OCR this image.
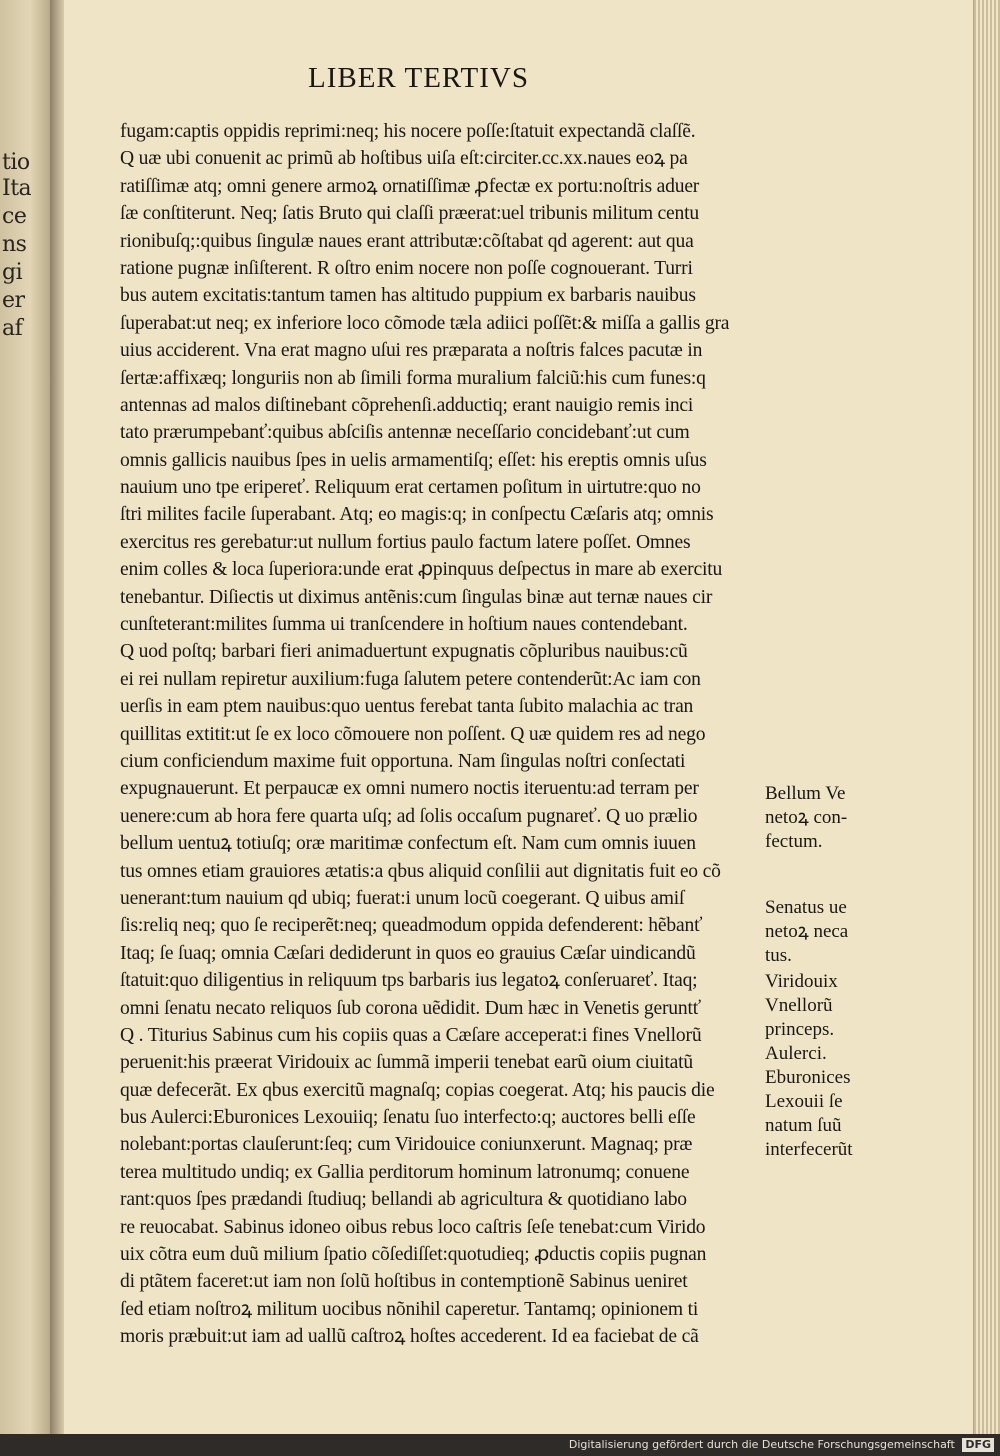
tio
Ita
ce
ns
gi
er
af
LIBER TERTIVS
fugam:captis oppidis reprimi:neq; his nocere poſſe:ſtatuit expectandã claſſẽ.
Q uæ ubi conuenit ac primũ ab hoſtibus uiſa eſt:circiter.cc.xx.naues eoꝝ pa
ratiſſimæ atq; omni genere armoꝝ ornatiſſimæ ꝓfectæ ex portu:noſtris aduer
ſæ conſtiterunt. Neq; ſatis Bruto qui claſſi præerat:uel tribunis militum centu
rionibuſq;:quibus ſingulæ naues erant attributæ:cõſtabat qd agerent: aut qua
ratione pugnæ inſiſterent. R oſtro enim nocere non poſſe cognouerant. Turri
bus autem excitatis:tantum tamen has altitudo puppium ex barbaris nauibus
ſuperabat:ut neq; ex inferiore loco cõmode tæla adiici poſſẽt:& miſſa a gallis gra
uius acciderent. Vna erat magno uſui res præparata a noſtris falces pacutæ in
ſertæ:affixæq; longuriis non ab ſimili forma muralium falciũ:his cum funes:q
antennas ad malos diſtinebant cõprehenſi.adductiq; erant nauigio remis inci
tato prærumpebanť:quibus abſciſis antennæ neceſſario concidebanť:ut cum
omnis gallicis nauibus ſpes in uelis armamentiſq; eſſet: his ereptis omnis uſus
nauium uno tpe eripereť. Reliquum erat certamen poſitum in uirtutre:quo no
ſtri milites facile ſuperabant. Atq; eo magis:q; in conſpectu Cæſaris atq; omnis
exercitus res gerebatur:ut nullum fortius paulo factum latere poſſet. Omnes
enim colles & loca ſuperiora:unde erat ꝓpinquus deſpectus in mare ab exercitu
tenebantur. Diſiectis ut diximus antẽnis:cum ſingulas binæ aut ternæ naues cir
cunſteterant:milites ſumma ui tranſcendere in hoſtium naues contendebant.
Q uod poſtq; barbari fieri animaduertunt expugnatis cõpluribus nauibus:cũ
ei rei nullam repiretur auxilium:fuga ſalutem petere contenderũt:Ac iam con
uerſis in eam ptem nauibus:quo uentus ferebat tanta ſubito malachia ac tran
quillitas extitit:ut ſe ex loco cõmouere non poſſent. Q uæ quidem res ad nego
cium conficiendum maxime fuit opportuna. Nam ſingulas noſtri conſectati
expugnauerunt. Et perpaucæ ex omni numero noctis iteruentu:ad terram per
uenere:cum ab hora fere quarta uſq; ad ſolis occaſum pugnareť. Q uo prælio
bellum uentuꝝ totiuſq; oræ maritimæ confectum eſt. Nam cum omnis iuuen
tus omnes etiam grauiores ætatis:a qbus aliquid conſilii aut dignitatis fuit eo cõ
uenerant:tum nauium qd ubiq; fuerat:i unum locũ coegerant. Q uibus amiſ
ſis:reliq neq; quo ſe reciperẽt:neq; queadmodum oppida defenderent: hẽbanť
Itaq; ſe ſuaq; omnia Cæſari dediderunt in quos eo grauius Cæſar uindicandũ
ſtatuit:quo diligentius in reliquum tps barbaris ius legatoꝝ conſeruareť. Itaq;
omni ſenatu necato reliquos ſub corona uẽdidit. Dum hæc in Venetis geruntť
Q . Titurius Sabinus cum his copiis quas a Cæſare acceperat:i fines Vnellorũ
peruenit:his præerat Viridouix ac ſummã imperii tenebat earũ oium ciuitatũ
quæ defecerãt. Ex qbus exercitũ magnaſq; copias coegerat. Atq; his paucis die
bus Aulerci:Eburonices Lexouiiq; ſenatu ſuo interfecto:q; auctores belli eſſe
nolebant:portas clauſerunt:ſeq; cum Viridouice coniunxerunt. Magnaq; præ
terea multitudo undiq; ex Gallia perditorum hominum latronumq; conuene
rant:quos ſpes prædandi ſtudiuq; bellandi ab agricultura & quotidiano labo
re reuocabat. Sabinus idoneo oibus rebus loco caſtris ſeſe tenebat:cum Virido
uix cõtra eum duũ milium ſpatio cõſediſſet:quotudieq; ꝓductis copiis pugnan
di ptãtem faceret:ut iam non ſolũ hoſtibus in contemptionẽ Sabinus ueniret
ſed etiam noſtroꝝ militum uocibus nõnihil caperetur. Tantamq; opinionem ti
moris præbuit:ut iam ad uallũ caſtroꝝ hoſtes accederent. Id ea faciebat de cã
Bellum Ve
netoꝝ con-
fectum.
Senatus ue
netoꝝ neca
tus.
Viridouix
Vnellorũ
princeps.
Aulerci.
Eburonices
Lexouii ſe
natum ſuũ
interfecerũt
Digitalisierung gefördert durch die Deutsche Forschungsgemeinschaft DFG
